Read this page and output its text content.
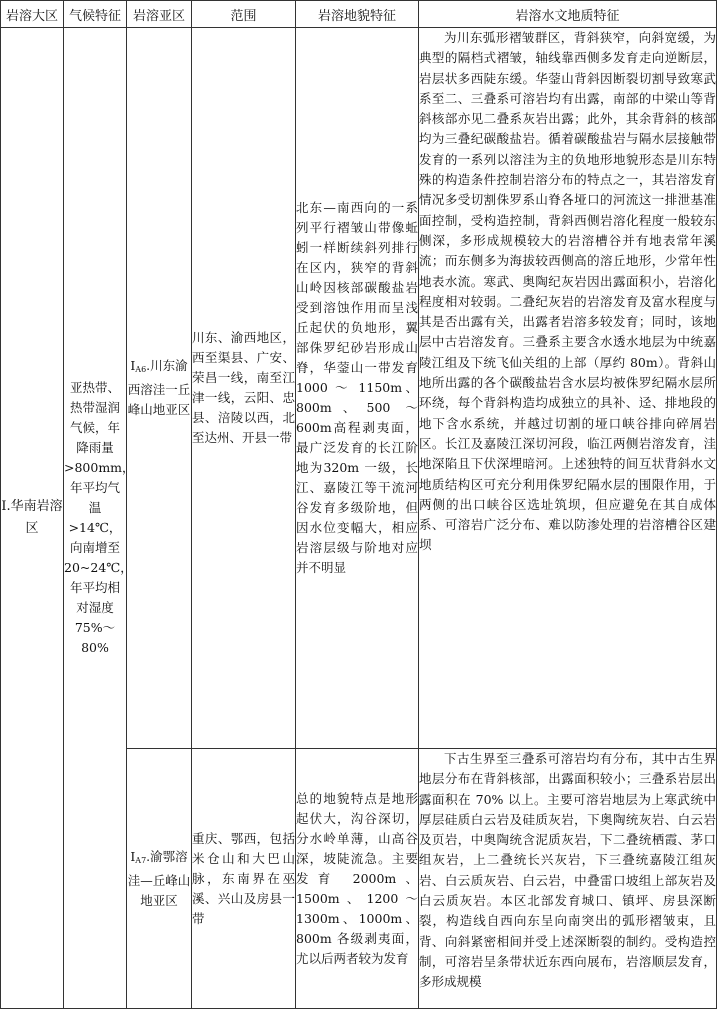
岩溶大区	气候特征	岩溶亚区	范围	岩溶地貌特征	岩溶水文地质特征
Ⅰ.华南岩溶区	亚热带、热带湿润气候，年降雨量>800mm，年平均气温>14℃，向南增至20~24℃，年平均相对湿度75%～80%	$Ⅰ_{A6}$.川东渝西溶洼一丘峰山地亚区	川东、渝西地区，西至渠县、广安、荣昌一线，南至江津一线，云阳、忠县、涪陵以西，北至达州、开县一带	北东—南西向的一系列平行褶皱山带像蚯蚓一样断续斜列排行在区内，狭窄的背斜山岭因核部碳酸盐岩受到溶蚀作用而呈浅丘起伏的负地形，翼部侏罗纪砂岩形成山脊，华蓥山一带发育 1000 ～ 1150m、800m、500 ～ 600m高程剥夷面，最广泛发育的长江阶地为320m 一级，长江、嘉陵江等干流河谷发育多级阶地，但因水位变幅大，相应岩溶层级与阶地对应并不明显	为川东弧形褶皱群区，背斜狭窄，向斜宽缓，为典型的隔档式褶皱，轴线靠西侧多发育走向逆断层，岩层状多西陡东缓。华蓥山背斜因断裂切割导致寒武系至二、三叠系可溶岩均有出露，南部的中梁山等背斜核部亦见二叠系灰岩出露；此外，其余背斜的核部均为三叠纪碳酸盐岩。循着碳酸盐岩与隔水层接触带发育的一系列以溶洼为主的负地形地貌形态是川东特殊的构造条件控制岩溶分布的特点之一，其岩溶发育情况多受切割侏罗系山脊各垭口的河流这一排泄基准面控制，受构造控制，背斜西侧岩溶化程度一般较东侧深，多形成规模较大的岩溶槽谷并有地表常年溪流；而东侧多为海拔较西侧高的溶丘地形，少常年性地表水流。寒武、奥陶纪灰岩因出露面积小，岩溶化程度相对较弱。二叠纪灰岩的岩溶发育及富水程度与其是否出露有关，出露者岩溶多较发育；同时，该地层中古岩溶发育。三叠系主要含水透水地层为中统嘉陵江组及下统飞仙关组的上部（厚约 80m）。背斜山地所出露的各个碳酸盐岩含水层均被侏罗纪隔水层所环绕，每个背斜构造均成独立的具补、迳、排地段的地下含水系统，并越过切割的垭口峡谷排向碎屑岩区。长江及嘉陵江深切河段，临江两侧岩溶发育，洼地深陷且下伏深埋暗河。上述独特的间互状背斜水文地质结构区可充分利用侏罗纪隔水层的围限作用，于两侧的出口峡谷区选址筑坝，但应避免在其自成体系、可溶岩广泛分布、难以防渗处理的岩溶槽谷区建坝

		$Ⅰ_{A7}$.渝鄂溶洼—丘峰山地亚区	重庆、鄂西，包括米仓山和大巴山脉，东南界在巫溪、兴山及房县一带	总的地貌特点是地形起伏大，沟谷深切，分水岭单薄，山高谷深，坡陡流急。主要发育 2000m、1500m、1200～1300m、1000m、800m 各级剥夷面，尤以后两者较为发育	下古生界至三叠系可溶岩均有分布，其中古生界地层分布在背斜核部，出露面积较小；三叠系岩层出露面积在 70% 以上。主要可溶岩地层为上寒武统中厚层硅质白云岩及硅质灰岩，下奥陶统灰岩、白云岩及页岩，中奥陶统含泥质灰岩，下二叠统栖霞、茅口组灰岩，上二叠统长兴灰岩，下三叠统嘉陵江组灰岩、白云质灰岩、白云岩，中叠雷口坡组上部灰岩及白云质灰岩。本区北部发育城口、镇坪、房县深断裂，构造线自西向东呈向南突出的弧形褶皱束，且背、向斜紧密相间并受上述深断裂的制约。受构造控制，可溶岩呈条带状近东西向展布，岩溶顺层发育，多形成规模
